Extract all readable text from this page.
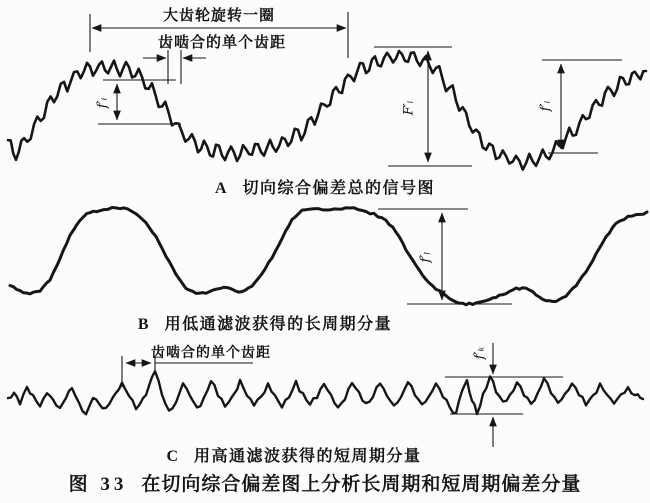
大齿轮旋转一圈
齿啮合的单个齿距
f′ᵢ	F′ᵢ	f′ᵢ
f′ₗ
f′ₖ
A 切向综合偏差总的信号图
B 用低通滤波获得的长周期分量
齿啮合的单个齿距
C 用高通滤波获得的短周期分量
图 33 在切向综合偏差图上分析长周期和短周期偏差分量
